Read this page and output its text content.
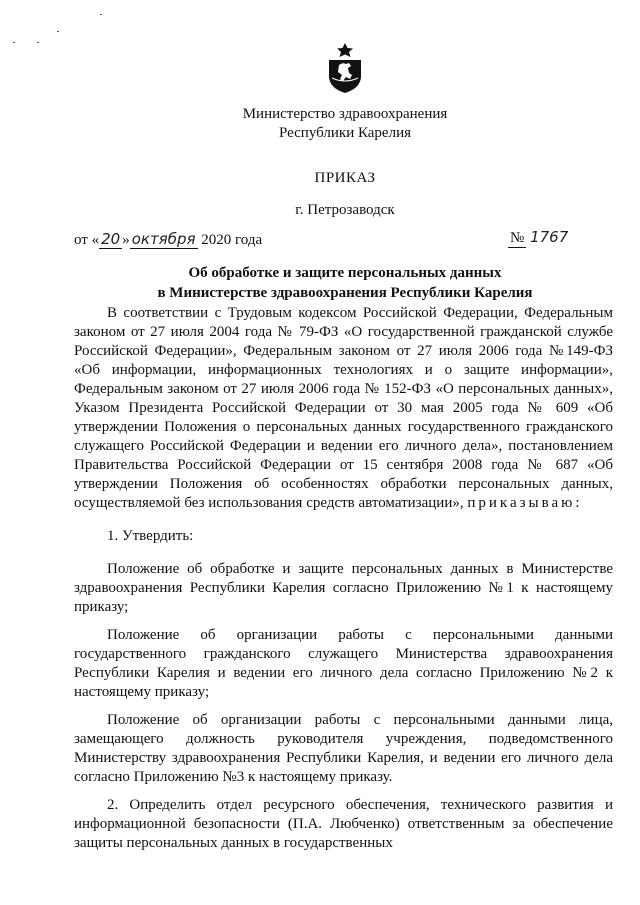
Министерство здравоохранения
Республики Карелия
ПРИКАЗ
г. Петрозаводск
от « 20 » октября 2020 года	№ 1767
Об обработке и защите персональных данных
в Министерстве здравоохранения Республики Карелия

В соответствии с Трудовым кодексом Российской Федерации, Федеральным законом от 27 июля 2004 года № 79-ФЗ «О государственной гражданской службе Российской Федерации», Федеральным законом от 27 июля 2006 года №149-ФЗ «Об информации, информационных технологиях и о защите информации», Федеральным законом от 27 июля 2006 года № 152-ФЗ «О персональных данных», Указом Президента Российской Федерации от 30 мая 2005 года № 609 «Об утверждении Положения о персональных данных государственного гражданского служащего Российской Федерации и ведении его личного дела», постановлением Правительства Российской Федерации от 15 сентября 2008 года № 687 «Об утверждении Положения об особенностях обработки персональных данных, осуществляемой без использования средств автоматизации», приказываю:

1. Утвердить:

Положение об обработке и защите персональных данных в Министерстве здравоохранения Республики Карелия согласно Приложению №1 к настоящему приказу;

Положение об организации работы с персональными данными государственного гражданского служащего Министерства здравоохранения Республики Карелия и ведении его личного дела согласно Приложению №2 к настоящему приказу;

Положение об организации работы с персональными данными лица, замещающего должность руководителя учреждения, подведомственного Министерству здравоохранения Республики Карелия, и ведении его личного дела согласно Приложению №3 к настоящему приказу.

2. Определить отдел ресурсного обеспечения, технического развития и информационной безопасности (П.А. Любченко) ответственным за обеспечение защиты персональных данных в государственных
